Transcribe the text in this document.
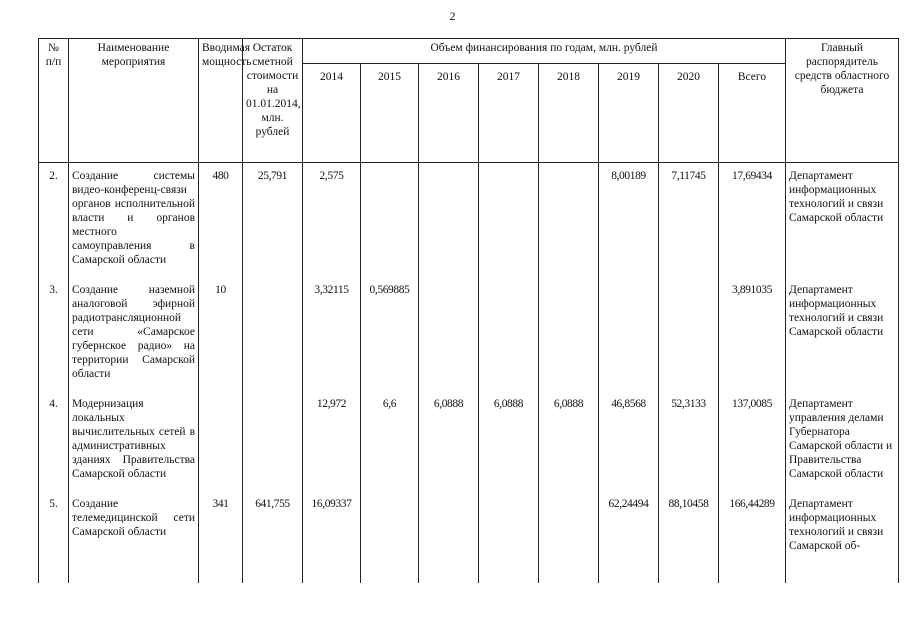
2
№ п/п	Наименование мероприятия	Вводимая мощность	Остаток сметной стоимости на 01.01.2014, млн. рублей	Объем финансирования по годам, млн. рублей								Главный распорядитель средств областного бюджета
				2014	2015	2016	2017	2018	2019	2020	Всего	

2.	Создание системы видео-конференц-связи органов исполнительной власти и органов местного самоуправления в Самарской области	480	25,791	2,575					8,00189	7,11745	17,69434	Департамент информационных технологий и связи Самарской области
3.	Создание наземной аналоговой эфирной радиотрансляционной сети «Самарское губернское радио» на территории Самарской области	10		3,32115	0,569885						3,891035	Департамент информационных технологий и связи Самарской области
4.	Модернизация локальных вычислительных сетей в административных зданиях Правительства Самарской области			12,972	6,6	6,0888	6,0888	6,0888	46,8568	52,3133	137,0085	Департамент управления делами Губернатора Самарской области и Правительства Самарской области
5.	Создание телемедицинской сети Самарской области	341	641,755	16,09337					62,24494	88,10458	166,44289	Департамент информационных технологий и связи Самарской об-
